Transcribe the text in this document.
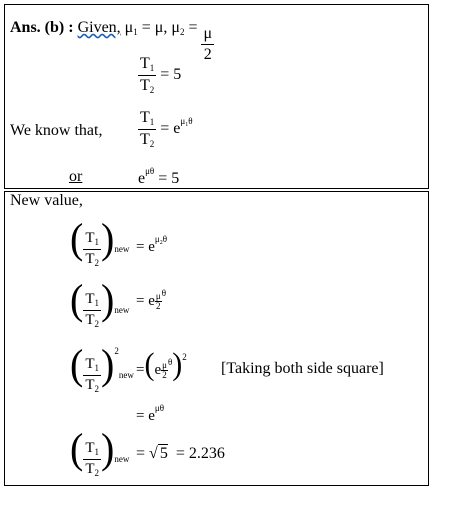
Ans. (b) : Given, $\mu_1 = \mu$, $\mu_2 = \frac{\mu}{2}$
$\frac{T_1}{T_2} = 5$
We know that, $\frac{T_1}{T_2} = e^{\mu_1\theta}$
or	$e^{\mu\theta} = 5$
New value,
( $\frac{T_1}{T_2} )new = e^{\mu_2\theta}$
( $\frac{T_1}{T_2} )new$
= e $\frac{\mu}{2} ^\theta$
( $\frac{T_1}{T_2} )^2new =(e \frac{\mu}{2} ^\theta)^2$
[Taking both side square]
= $e^{\mu\theta}$
( $\frac{T_1}{T_2} )new$ = √ 5 = 2.236
